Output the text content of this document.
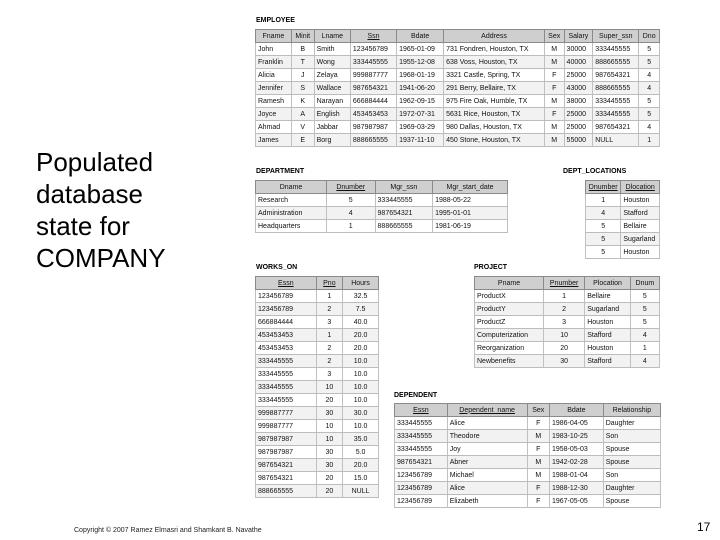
Populated
database
state for
COMPANY
EMPLOYEE
Fname	Minit	Lname	Ssn	Bdate	Address	Sex	Salary	Super_ssn	Dno
John	B	Smith	123456789	1965-01-09	731 Fondren, Houston, TX	M	30000	333445555	5
Franklin	T	Wong	333445555	1955-12-08	638 Voss, Houston, TX	M	40000	888665555	5
Alicia	J	Zelaya	999887777	1968-01-19	3321 Castle, Spring, TX	F	25000	987654321	4
Jennifer	S	Wallace	987654321	1941-06-20	291 Berry, Bellaire, TX	F	43000	888665555	4
Ramesh	K	Narayan	666884444	1962-09-15	975 Fire Oak, Humble, TX	M	38000	333445555	5
Joyce	A	English	453453453	1972-07-31	5631 Rice, Houston, TX	F	25000	333445555	5
Ahmad	V	Jabbar	987987987	1969-03-29	980 Dallas, Houston, TX	M	25000	987654321	4
James	E	Borg	888665555	1937-11-10	450 Stone, Houston, TX	M	55000	NULL	1
DEPARTMENT
Dname	Dnumber	Mgr_ssn	Mgr_start_date
Research	5	333445555	1988-05-22
Administration	4	987654321	1995-01-01
Headquarters	1	888665555	1981-06-19
DEPT_LOCATIONS
Dnumber	Dlocation
1	Houston
4	Stafford
5	Bellaire
5	Sugarland
5	Houston
WORKS_ON
Essn	Pno	Hours
123456789	1	32.5
123456789	2	7.5
666884444	3	40.0
453453453	1	20.0
453453453	2	20.0
333445555	2	10.0
333445555	3	10.0
333445555	10	10.0
333445555	20	10.0
999887777	30	30.0
999887777	10	10.0
987987987	10	35.0
987987987	30	5.0
987654321	30	20.0
987654321	20	15.0
888665555	20	NULL
PROJECT
Pname	Pnumber	Plocation	Dnum
ProductX	1	Bellaire	5
ProductY	2	Sugarland	5
ProductZ	3	Houston	5
Computerization	10	Stafford	4
Reorganization	20	Houston	1
Newbenefits	30	Stafford	4
DEPENDENT
Essn	Dependent_name	Sex	Bdate	Relationship
333445555	Alice	F	1986-04-05	Daughter
333445555	Theodore	M	1983-10-25	Son
333445555	Joy	F	1958-05-03	Spouse
987654321	Abner	M	1942-02-28	Spouse
123456789	Michael	M	1988-01-04	Son
123456789	Alice	F	1988-12-30	Daughter
123456789	Elizabeth	F	1967-05-05	Spouse
Copyright © 2007 Ramez Elmasri and Shamkant B. Navathe	17
